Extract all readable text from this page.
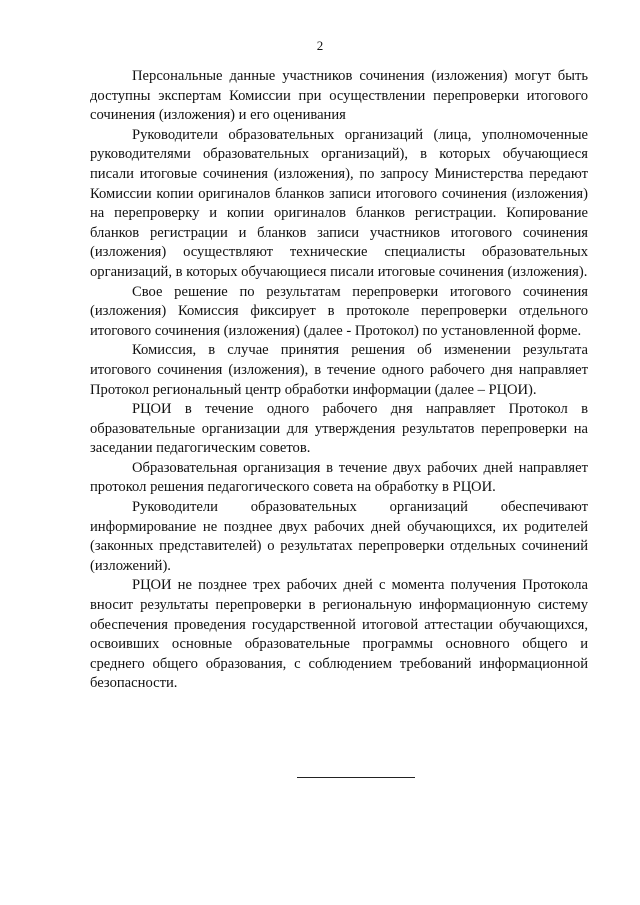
2

Персональные данные участников сочинения (изложения) могут быть доступны экспертам Комиссии при осуществлении перепроверки итогового сочинения (изложения) и его оценивания

Руководители образовательных организаций (лица, уполномоченные руководителями образовательных организаций), в которых обучающиеся писали итоговые сочинения (изложения), по запросу Министерства передают Комиссии копии оригиналов бланков записи итогового сочинения (изложения) на перепроверку и копии оригиналов бланков регистрации. Копирование бланков регистрации и бланков записи участников итогового сочинения (изложения) осуществляют технические специалисты образовательных организаций, в которых обучающиеся писали итоговые сочинения (изложения).

Свое решение по результатам перепроверки итогового сочинения (изложения) Комиссия фиксирует в протоколе перепроверки отдельного итогового сочинения (изложения) (далее - Протокол) по установленной форме.

Комиссия, в случае принятия решения об изменении результата итогового сочинения (изложения), в течение одного рабочего дня направляет Протокол региональный центр обработки информации (далее – РЦОИ).

РЦОИ в течение одного рабочего дня направляет Протокол в образовательные организации для утверждения результатов перепроверки на заседании педагогическим советов.

Образовательная организация в течение двух рабочих дней направляет протокол решения педагогического совета на обработку в РЦОИ.

Руководители образовательных организаций обеспечивают информирование не позднее двух рабочих дней обучающихся, их родителей (законных представителей) о результатах перепроверки отдельных сочинений (изложений).

РЦОИ не позднее трех рабочих дней с момента получения Протокола вносит результаты перепроверки в региональную информационную систему обеспечения проведения государственной итоговой аттестации обучающихся, освоивших основные образовательные программы основного общего и среднего общего образования, с соблюдением требований информационной безопасности.
